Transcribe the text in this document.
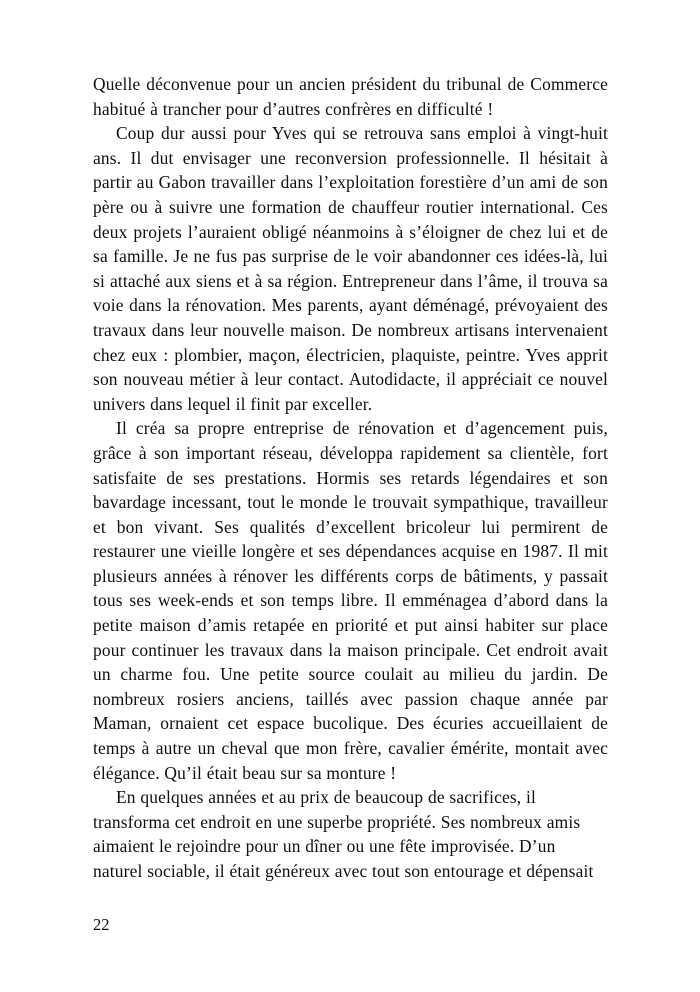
Quelle déconvenue pour un ancien président du tribunal de Commerce habitué à trancher pour d’autres confrères en difficulté !

Coup dur aussi pour Yves qui se retrouva sans emploi à vingt-huit ans. Il dut envisager une reconversion professionnelle. Il hésitait à partir au Gabon travailler dans l’exploitation forestière d’un ami de son père ou à suivre une formation de chauffeur routier international. Ces deux projets l’auraient obligé néanmoins à s’éloigner de chez lui et de sa famille. Je ne fus pas surprise de le voir abandonner ces idées-là, lui si attaché aux siens et à sa région. Entrepreneur dans l’âme, il trouva sa voie dans la rénovation. Mes parents, ayant déménagé, prévoyaient des travaux dans leur nouvelle maison. De nombreux artisans intervenaient chez eux : plombier, maçon, électricien, plaquiste, peintre. Yves apprit son nouveau métier à leur contact. Autodidacte, il appréciait ce nouvel univers dans lequel il finit par exceller.

Il créa sa propre entreprise de rénovation et d’agencement puis, grâce à son important réseau, développa rapidement sa clientèle, fort satisfaite de ses prestations. Hormis ses retards légendaires et son bavardage incessant, tout le monde le trouvait sympathique, travailleur et bon vivant. Ses qualités d’excellent bricoleur lui permirent de restaurer une vieille longère et ses dépendances acquise en 1987. Il mit plusieurs années à rénover les différents corps de bâtiments, y passait tous ses week-ends et son temps libre. Il emménagea d’abord dans la petite maison d’amis retapée en priorité et put ainsi habiter sur place pour continuer les travaux dans la maison principale. Cet endroit avait un charme fou. Une petite source coulait au milieu du jardin. De nombreux rosiers anciens, taillés avec passion chaque année par Maman, ornaient cet espace bucolique. Des écuries accueillaient de temps à autre un cheval que mon frère, cavalier émérite, montait avec élégance. Qu’il était beau sur sa monture !

En quelques années et au prix de beaucoup de sacrifices, il transforma cet endroit en une superbe propriété. Ses nombreux amis aimaient le rejoindre pour un dîner ou une fête improvisée. D’un naturel sociable, il était généreux avec tout son entourage et dépensait

22
